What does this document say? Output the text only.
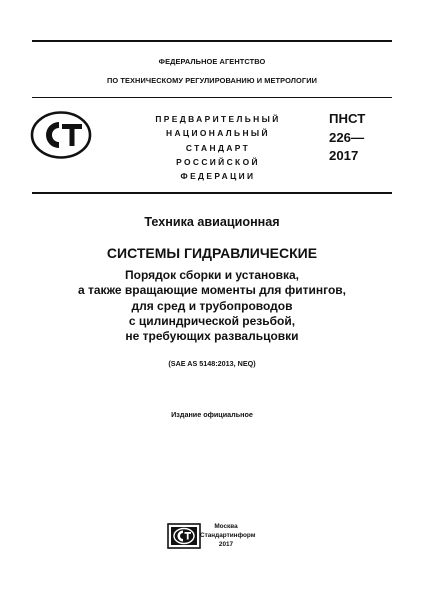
ФЕДЕРАЛЬНОЕ АГЕНТСТВО
ПО ТЕХНИЧЕСКОМУ РЕГУЛИРОВАНИЮ И МЕТРОЛОГИИ
ПРЕДВАРИТЕЛЬНЫЙ
НАЦИОНАЛЬНЫЙ
СТАНДАРТ
РОССИЙСКОЙ
ФЕДЕРАЦИИ
ПНСТ
226—
2017
Техника авиационная
СИСТЕМЫ ГИДРАВЛИЧЕСКИЕ
Порядок сборки и установка,
а также вращающие моменты для фитингов,
для сред и трубопроводов
с цилиндрической резьбой,
не требующих развальцовки
(SAE AS 5148:2013, NEQ)
Издание официальное
Москва
Стандартинформ
2017
